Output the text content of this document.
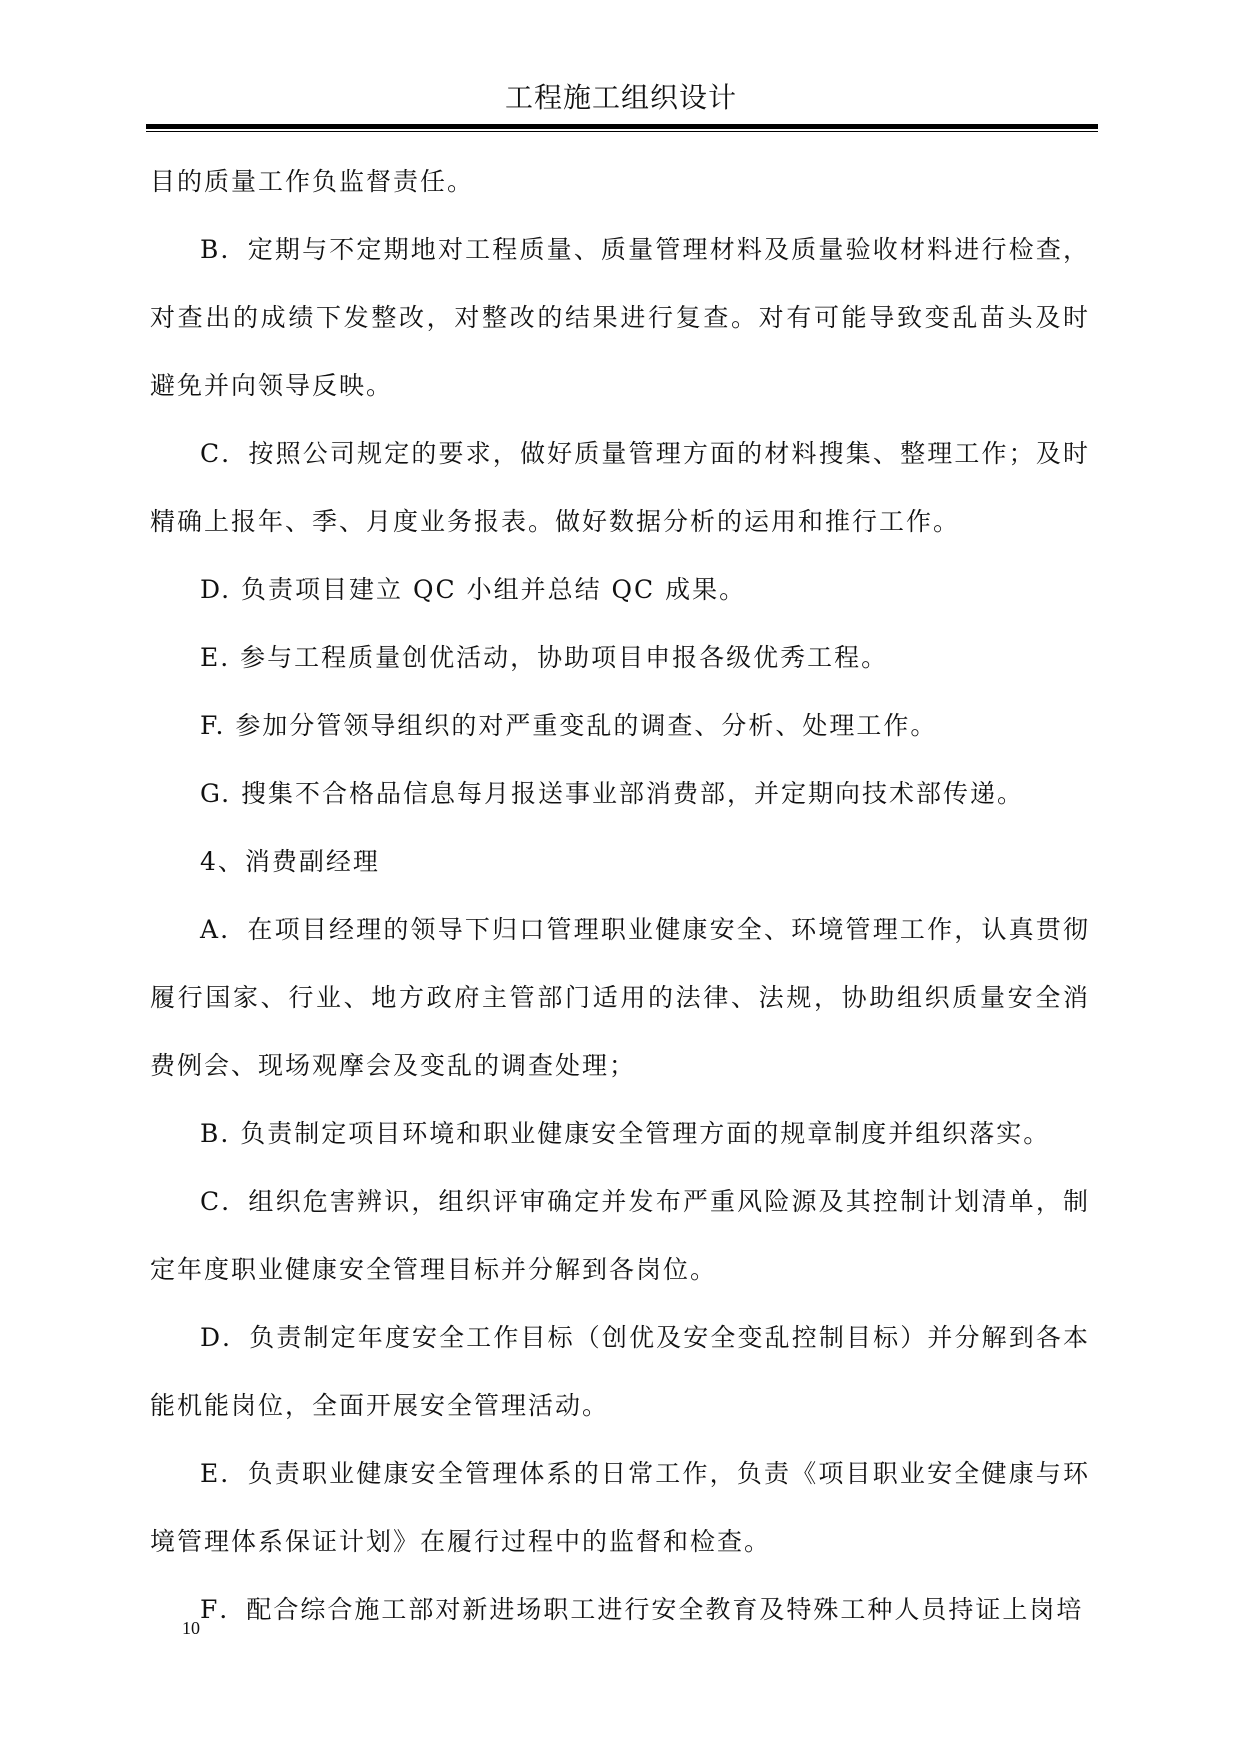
工程施工组织设计

目的质量工作负监督责任。

B．定期与不定期地对工程质量、质量管理材料及质量验收材料进行检查，对查出的成绩下发整改，对整改的结果进行复查。对有可能导致变乱苗头及时避免并向领导反映。

C．按照公司规定的要求，做好质量管理方面的材料搜集、整理工作；及时精确上报年、季、月度业务报表。做好数据分析的运用和推行工作。

D. 负责项目建立 QC 小组并总结 QC 成果。

E. 参与工程质量创优活动，协助项目申报各级优秀工程。

F. 参加分管领导组织的对严重变乱的调查、分析、处理工作。

G. 搜集不合格品信息每月报送事业部消费部，并定期向技术部传递。

4、消费副经理

A．在项目经理的领导下归口管理职业健康安全、环境管理工作，认真贯彻履行国家、行业、地方政府主管部门适用的法律、法规，协助组织质量安全消费例会、现场观摩会及变乱的调查处理；

B. 负责制定项目环境和职业健康安全管理方面的规章制度并组织落实。

C．组织危害辨识，组织评审确定并发布严重风险源及其控制计划清单，制定年度职业健康安全管理目标并分解到各岗位。

D．负责制定年度安全工作目标（创优及安全变乱控制目标）并分解到各本能机能岗位，全面开展安全管理活动。

E．负责职业健康安全管理体系的日常工作，负责《项目职业安全健康与环境管理体系保证计划》在履行过程中的监督和检查。

F．配合综合施工部对新进场职工进行安全教育及特殊工种人员持证上岗培

10
